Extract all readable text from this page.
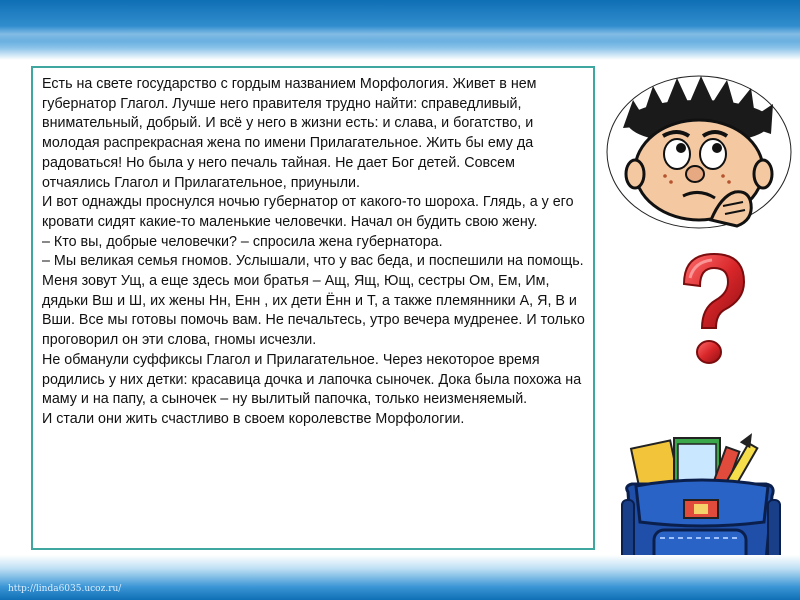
Есть на свете государство с гордым названием Морфология. Живет в нем губернатор Глагол. Лучше него правителя трудно найти: справедливый, внимательный, добрый. И всё у него в жизни есть: и слава, и богатство, и молодая распрекрасная жена по имени Прилагательное. Жить бы ему да радоваться! Но была у него печаль тайная. Не дает Бог детей. Совсем отчаялись Глагол и Прилагательное, приуныли.

И вот однажды проснулся ночью губернатор от какого-то шороха. Глядь, а у его кровати сидят какие-то маленькие человечки. Начал он будить свою жену.

– Кто вы, добрые человечки? – спросила жена губернатора.

– Мы великая семья гномов. Услышали, что у вас беда, и поспешили на помощь. Меня зовут Ущ, а еще здесь мои братья – Ащ, Ящ, Ющ, сестры Ом, Ем, Им, дядьки Вш и Ш, их жены Нн, Енн , их дети Ённ и Т, а также племянники А, Я, В и Вши. Все мы готовы помочь вам. Не печальтесь, утро вечера мудренее. И только проговорил он эти слова, гномы исчезли.

Не обманули суффиксы Глагол и Прилагательное. Через некоторое время родились у них детки: красавица дочка и лапочка сыночек. Дока была похожа на маму и на папу, а сыночек – ну вылитый папочка, только неизменяемый.

И стали они жить счастливо в своем королевстве Морфологии.

http://linda6035.ucoz.ru/
